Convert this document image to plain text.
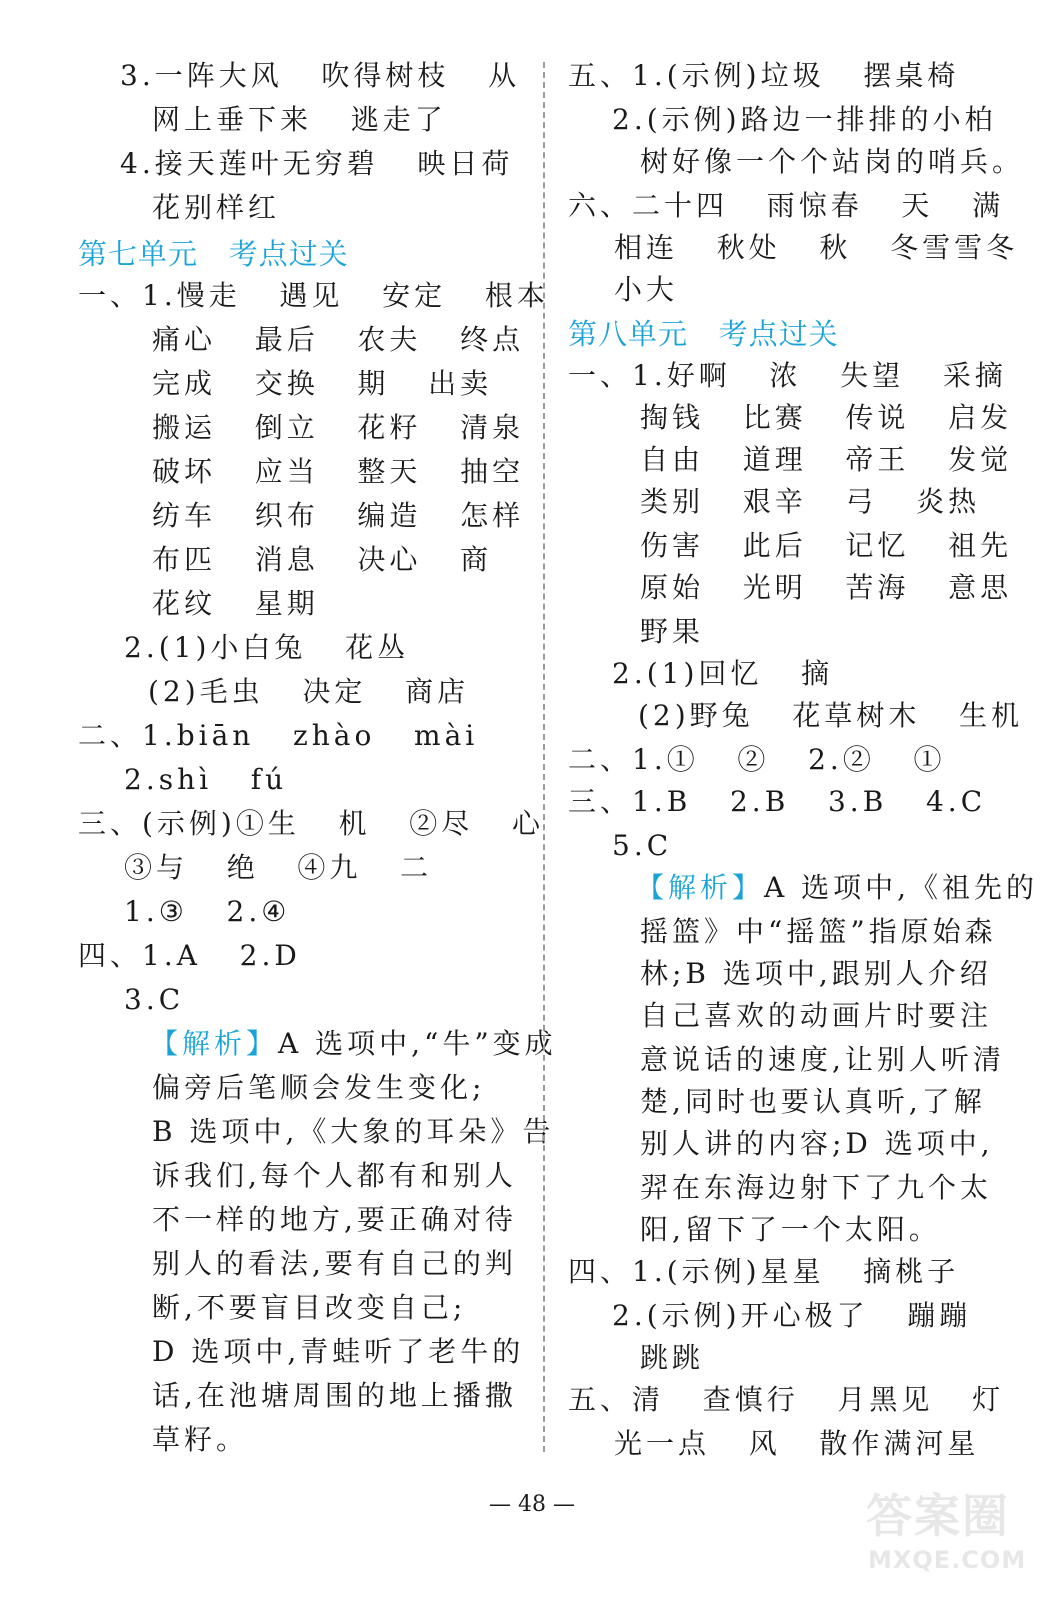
3.一阵大风   吹得树枝   从
网上垂下来   逃走了
4.接天莲叶无穷碧   映日荷
花别样红
第七单元   考点过关
一、1.慢走   遇见   安定   根本
痛心   最后   农夫   终点
完成   交换   期   出卖
搬运   倒立   花籽   清泉
破坏   应当   整天   抽空
纺车   织布   编造   怎样
布匹   消息   决心   商
花纹   星期
2.(1)小白兔   花丛
(2)毛虫   决定   商店
二、1.biān   zhào   mài
2.shì   fú
三、(示例)①生   机   ②尽   心
③与   绝   ④九   二
1.③   2.④
四、1.A   2.D
3.C
【解析】A 选项中,“牛”变成
偏旁后笔顺会发生变化;
B 选项中,《大象的耳朵》告
诉我们,每个人都有和别人
不一样的地方,要正确对待
别人的看法,要有自己的判
断,不要盲目改变自己;
D 选项中,青蛙听了老牛的
话,在池塘周围的地上播撒
草籽。
五、1.(示例)垃圾   摆桌椅
2.(示例)路边一排排的小柏
树好像一个个站岗的哨兵。
六、二十四   雨惊春   天   满
相连   秋处   秋   冬雪雪冬
小大
第八单元   考点过关
一、1.好啊   浓   失望   采摘
掏钱   比赛   传说   启发
自由   道理   帝王   发觉
类别   艰辛   弓   炎热
伤害   此后   记忆   祖先
原始   光明   苦海   意思
野果
2.(1)回忆   摘
(2)野兔   花草树木   生机
二、1.①   ②   2.②   ①
三、1.B   2.B   3.B   4.C
5.C
【解析】A 选项中,《祖先的
摇篮》中“摇篮”指原始森
林;B 选项中,跟别人介绍
自己喜欢的动画片时要注
意说话的速度,让别人听清
楚,同时也要认真听,了解
别人讲的内容;D 选项中,
羿在东海边射下了九个太
阳,留下了一个太阳。
四、1.(示例)星星   摘桃子
2.(示例)开心极了   蹦蹦
跳跳
五、清   查慎行   月黑见   灯
光一点   风   散作满河星
— 48 —	答案圈
MXQE.COM
